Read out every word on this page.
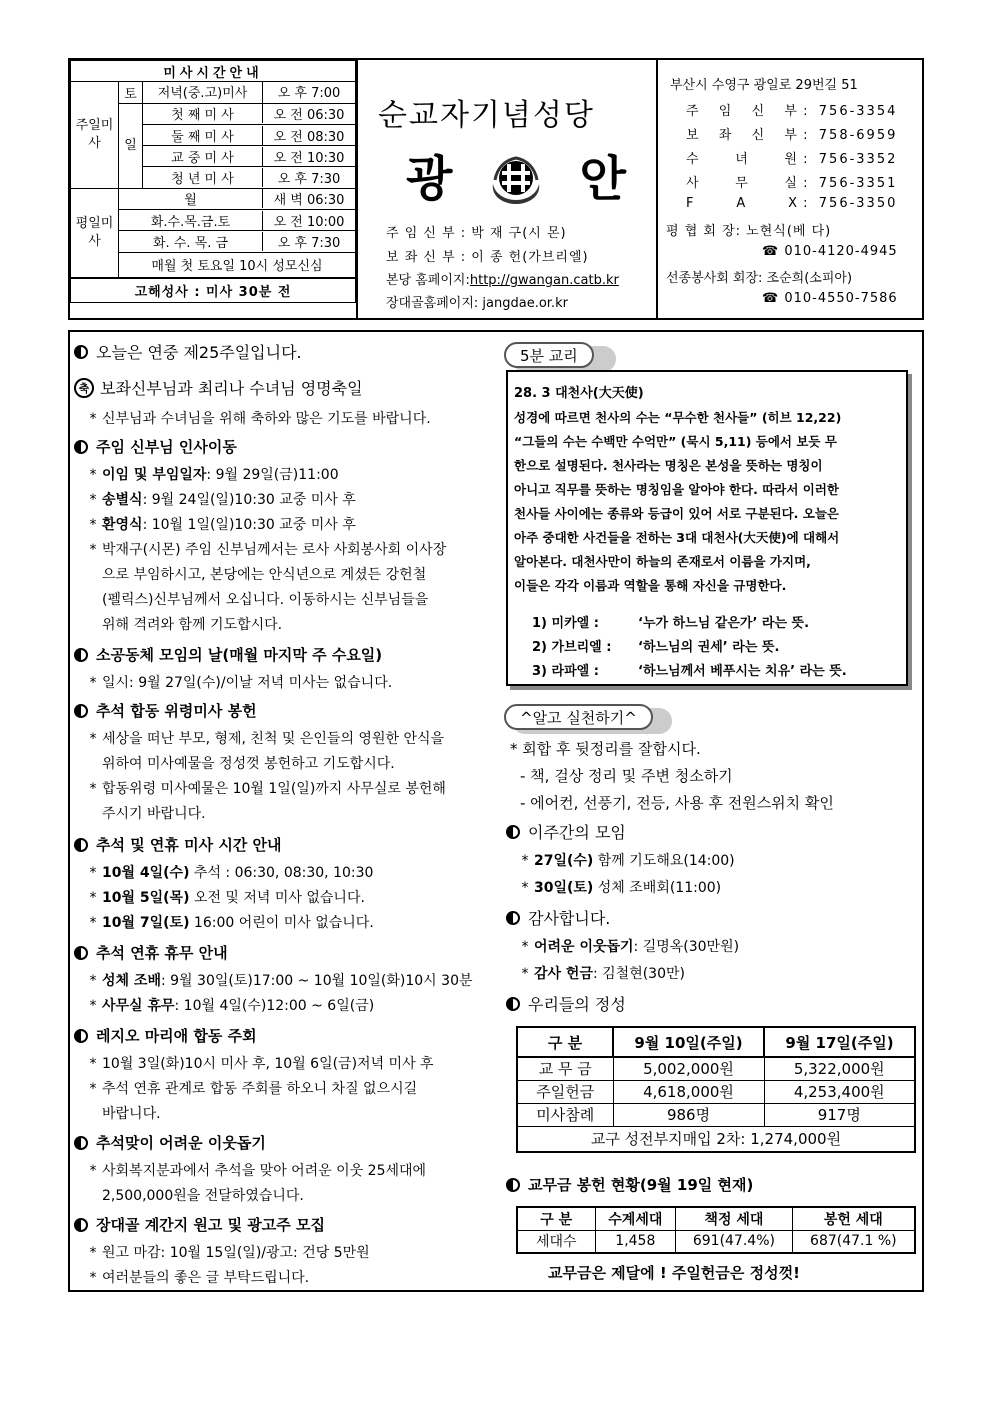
미사시간안내		
주일미사	토	저녁(중.고)미사 오 후 7:00

	일	첫 째 미 사 오 전 06:30

		둘 째 미 사 오 전 08:30

		교 중 미 사 오 전 10:30

		청 년 미 사 오 후 7:30

평일미사	월 새 벽 06:30	

	화.수.목.금.토 오 전 10:00	

	화. 수. 목. 금 오 후 7:30	

	매월 첫 토요일 10시 성모신심	
고해성사 : 미사 30분 전		
순교자기념성당
광	안
주 임 신 부 : 박 재 구(시 몬)
보 좌 신 부 : 이 종 헌(가브리엘)
본당 홈페이지:http://gwangan.catb.kr
장대골홈페이지: jangdae.or.kr
부산시 수영구 광일로 29번길 51
주 임 신 부 :  756-3354
보 좌 신 부 :  758-6959
수 녀 원 :  756-3352
사 무 실 :  756-3351
F A X :  756-3350
평 협 회 장: 노현식(베 다)
☎ 010-4120-4945
선종봉사회 회장: 조순희(소피아)
☎ 010-4550-7586
오늘은 연중 제25주일입니다.
축 보좌신부님과 최리나 수녀님 영명축일
* 신부님과 수녀님을 위해 축하와 많은 기도를 바랍니다.
주임 신부님 인사이동
* 이임 및 부임일자: 9월 29일(금)11:00
* 송별식: 9월 24일(일)10:30 교중 미사 후
* 환영식: 10월 1일(일)10:30 교중 미사 후
* 박재구(시몬) 주임 신부님께서는 로사 사회봉사회 이사장
으로 부임하시고, 본당에는 안식년으로 계셨든 강헌철
(펠릭스)신부님께서 오십니다. 이동하시는 신부님들을
위해 격려와 함께 기도합시다.
소공동체 모임의 날(매월 마지막 주 수요일)
* 일시: 9월 27일(수)/이날 저녁 미사는 없습니다.
추석 합동 위령미사 봉헌
* 세상을 떠난 부모, 형제, 친척 및 은인들의 영원한 안식을
위하여 미사예물을 정성껏 봉헌하고 기도합시다.
* 합동위령 미사예물은 10월 1일(일)까지 사무실로 봉헌해
주시기 바랍니다.
추석 및 연휴 미사 시간 안내
* 10월 4일(수) 추석 : 06:30, 08:30, 10:30
* 10월 5일(목) 오전 및 저녁 미사 없습니다.
* 10월 7일(토) 16:00 어린이 미사 없습니다.
추석 연휴 휴무 안내
* 성체 조배: 9월 30일(토)17:00 ~ 10월 10일(화)10시 30분
* 사무실 휴무: 10월 4일(수)12:00 ~ 6일(금)
레지오 마리애 합동 주회
* 10월 3일(화)10시 미사 후, 10월 6일(금)저녁 미사 후
* 추석 연휴 관계로 합동 주회를 하오니 차질 없으시길
바랍니다.
추석맞이 어려운 이웃돕기
* 사회복지분과에서 추석을 맞아 어려운 이웃 25세대에
2,500,000원을 전달하였습니다.
장대골 계간지 원고 및 광고주 모집
* 원고 마감: 10월 15일(일)/광고: 건당 5만원
* 여러분들의 좋은 글 부탁드립니다.
5분 교리
28. 3 대천사(大天使)
성경에 따르면 천사의 수는 “무수한 천사들” (히브 12,22)
“그들의 수는 수백만 수억만” (묵시 5,11) 등에서 보듯 무
한으로 설명된다. 천사라는 명칭은 본성을 뜻하는 명칭이
아니고 직무를 뜻하는 명칭임을 알아야 한다. 따라서 이러한
천사들 사이에는 종류와 등급이 있어 서로 구분된다. 오늘은
아주 중대한 사건들을 전하는 3대 대천사(大天使)에 대해서
알아본다. 대천사만이 하늘의 존재로서 이름을 가지며,
이들은 각각 이름과 역할을 통해 자신을 규명한다.
1) 미카엘 :	‘누가 하느님 같은가’ 라는 뜻.
2) 가브리엘 : ‘하느님의 권세’ 라는 뜻.
3) 라파엘 :	‘하느님께서 베푸시는 치유’ 라는 뜻.
^알고 실천하기^
* 회합 후 뒷정리를 잘합시다.
- 책, 걸상 정리 및 주변 청소하기
- 에어컨, 선풍기, 전등, 사용 후 전원스위치 확인
이주간의 모임
* 27일(수) 함께 기도해요(14:00)
* 30일(토) 성체 조배회(11:00)
감사합니다.
* 어려운 이웃돕기: 길명옥(30만원)
* 감사 헌금: 김철현(30만)
우리들의 정성
구 분	9월 10일(주일)	9월 17일(주일)
교 무 금	5,002,000원	5,322,000원
주일헌금	4,618,000원	4,253,400원
미사참례	986명	917명
교구 성전부지매입 2차: 1,274,000원		
교무금 봉헌 현황(9월 19일 현재)
구 분	수계세대	책정 세대	봉헌 세대
세대수	1,458	691(47.4%)	687(47.1 %)
교무금은 제달에 ! 주일헌금은 정성껏!
